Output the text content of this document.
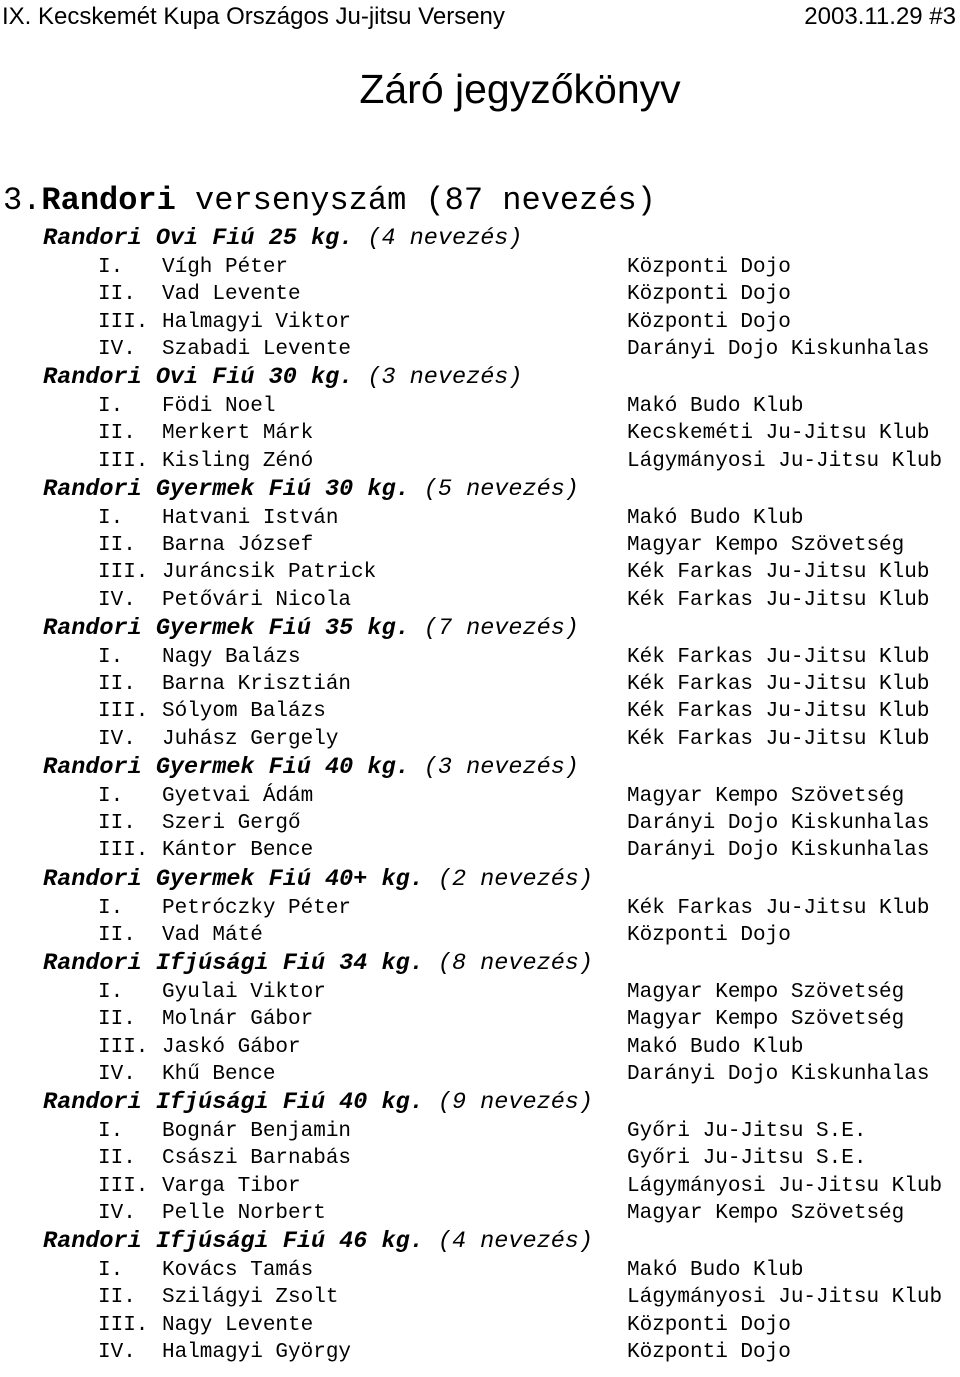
IX. Kecskemét Kupa Országos Ju-jitsu Verseny	2003.11.29 #3
Záró jegyzőkönyv
3.Randori versenyszám (87 nevezés)
Randori Ovi Fiú 25 kg. (4 nevezés)
I. Vígh Péter	Központi Dojo
II. Vad Levente	Központi Dojo
III. Halmagyi Viktor	Központi Dojo
IV. Szabadi Levente	Darányi Dojo Kiskunhalas
Randori Ovi Fiú 30 kg. (3 nevezés)
I. Födi Noel	Makó Budo Klub
II. Merkert Márk	Kecskeméti Ju-Jitsu Klub
III. Kisling Zénó	Lágymányosi Ju-Jitsu Klub
Randori Gyermek Fiú 30 kg. (5 nevezés)
I. Hatvani István	Makó Budo Klub
II. Barna József	Magyar Kempo Szövetség
III. Juráncsik Patrick	Kék Farkas Ju-Jitsu Klub
IV. Petővári Nicola	Kék Farkas Ju-Jitsu Klub
Randori Gyermek Fiú 35 kg. (7 nevezés)
I. Nagy Balázs	Kék Farkas Ju-Jitsu Klub
II. Barna Krisztián	Kék Farkas Ju-Jitsu Klub
III. Sólyom Balázs	Kék Farkas Ju-Jitsu Klub
IV. Juhász Gergely	Kék Farkas Ju-Jitsu Klub
Randori Gyermek Fiú 40 kg. (3 nevezés)
I. Gyetvai Ádám	Magyar Kempo Szövetség
II. Szeri Gergő	Darányi Dojo Kiskunhalas
III. Kántor Bence	Darányi Dojo Kiskunhalas
Randori Gyermek Fiú 40+ kg. (2 nevezés)
I. Petróczky Péter	Kék Farkas Ju-Jitsu Klub
II. Vad Máté	Központi Dojo
Randori Ifjúsági Fiú 34 kg. (8 nevezés)
I. Gyulai Viktor	Magyar Kempo Szövetség
II. Molnár Gábor	Magyar Kempo Szövetség
III. Jaskó Gábor	Makó Budo Klub
IV. Khű Bence	Darányi Dojo Kiskunhalas
Randori Ifjúsági Fiú 40 kg. (9 nevezés)
I. Bognár Benjamin	Győri Ju-Jitsu S.E.
II. Császi Barnabás	Győri Ju-Jitsu S.E.
III. Varga Tibor	Lágymányosi Ju-Jitsu Klub
IV. Pelle Norbert	Magyar Kempo Szövetség
Randori Ifjúsági Fiú 46 kg. (4 nevezés)
I. Kovács Tamás	Makó Budo Klub
II. Szilágyi Zsolt	Lágymányosi Ju-Jitsu Klub
III. Nagy Levente	Központi Dojo
IV. Halmagyi György	Központi Dojo
